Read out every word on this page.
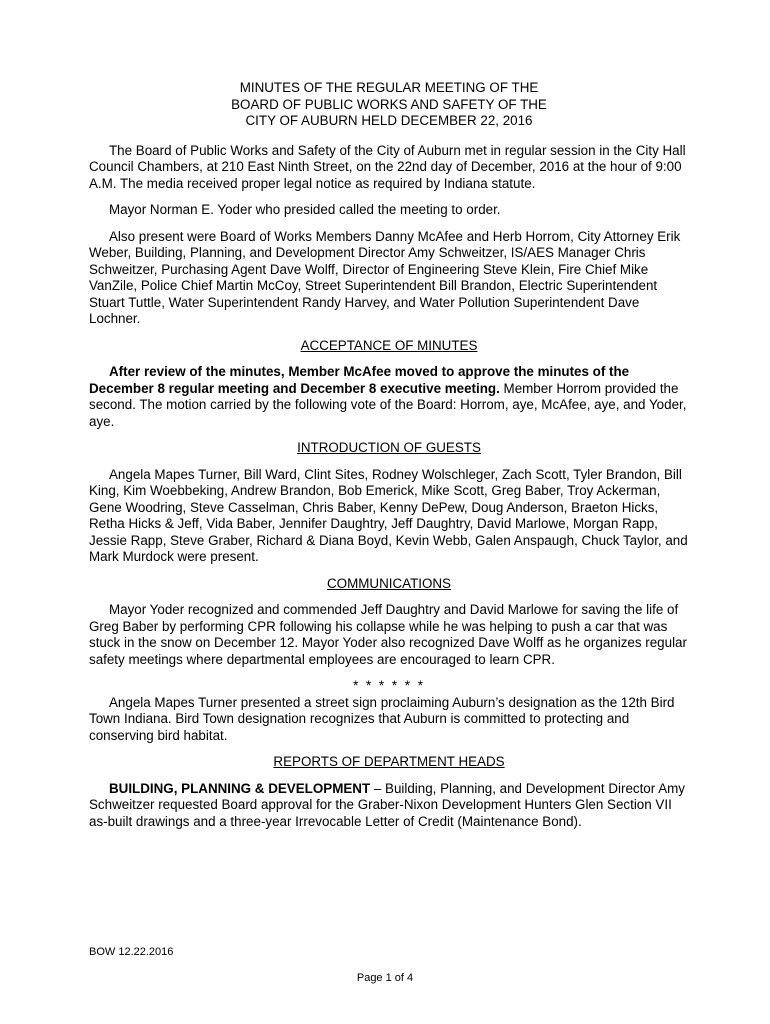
MINUTES OF THE REGULAR MEETING OF THE
BOARD OF PUBLIC WORKS AND SAFETY OF THE
CITY OF AUBURN HELD DECEMBER 22, 2016

The Board of Public Works and Safety of the City of Auburn met in regular session in the City Hall Council Chambers, at 210 East Ninth Street, on the 22nd day of December, 2016 at the hour of 9:00 A.M. The media received proper legal notice as required by Indiana statute.

Mayor Norman E. Yoder who presided called the meeting to order.

Also present were Board of Works Members Danny McAfee and Herb Horrom, City Attorney Erik Weber, Building, Planning, and Development Director Amy Schweitzer, IS/AES Manager Chris Schweitzer, Purchasing Agent Dave Wolff, Director of Engineering Steve Klein, Fire Chief Mike VanZile, Police Chief Martin McCoy, Street Superintendent Bill Brandon, Electric Superintendent Stuart Tuttle, Water Superintendent Randy Harvey, and Water Pollution Superintendent Dave Lochner.

ACCEPTANCE OF MINUTES

After review of the minutes, Member McAfee moved to approve the minutes of the December 8 regular meeting and December 8 executive meeting. Member Horrom provided the second. The motion carried by the following vote of the Board: Horrom, aye, McAfee, aye, and Yoder, aye.

INTRODUCTION OF GUESTS

Angela Mapes Turner, Bill Ward, Clint Sites, Rodney Wolschleger, Zach Scott, Tyler Brandon, Bill King, Kim Woebbeking, Andrew Brandon, Bob Emerick, Mike Scott, Greg Baber, Troy Ackerman, Gene Woodring, Steve Casselman, Chris Baber, Kenny DePew, Doug Anderson, Braeton Hicks, Retha Hicks & Jeff, Vida Baber, Jennifer Daughtry, Jeff Daughtry, David Marlowe, Morgan Rapp, Jessie Rapp, Steve Graber, Richard & Diana Boyd, Kevin Webb, Galen Anspaugh, Chuck Taylor, and Mark Murdock were present.

COMMUNICATIONS

Mayor Yoder recognized and commended Jeff Daughtry and David Marlowe for saving the life of Greg Baber by performing CPR following his collapse while he was helping to push a car that was stuck in the snow on December 12. Mayor Yoder also recognized Dave Wolff as he organizes regular safety meetings where departmental employees are encouraged to learn CPR.

* * * * * *

Angela Mapes Turner presented a street sign proclaiming Auburn’s designation as the 12th Bird Town Indiana. Bird Town designation recognizes that Auburn is committed to protecting and conserving bird habitat.

REPORTS OF DEPARTMENT HEADS

BUILDING, PLANNING & DEVELOPMENT – Building, Planning, and Development Director Amy Schweitzer requested Board approval for the Graber-Nixon Development Hunters Glen Section VII as-built drawings and a three-year Irrevocable Letter of Credit (Maintenance Bond).

BOW 12.22.2016
Page 1 of 4
